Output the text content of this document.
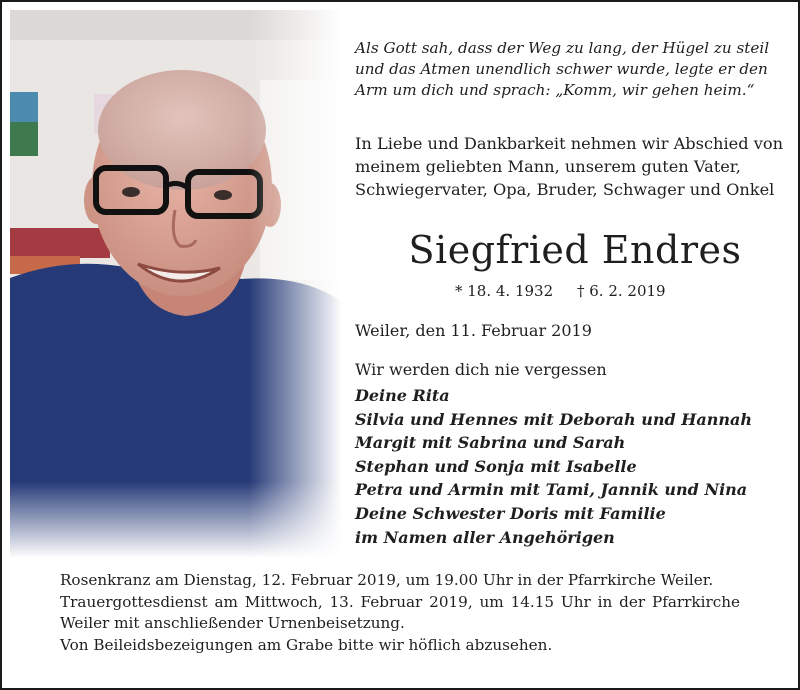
Als Gott sah, dass der Weg zu lang, der Hügel zu steil und das Atmen unendlich schwer wurde, legte er den Arm um dich und sprach: „Komm, wir gehen heim.“

In Liebe und Dankbarkeit nehmen wir Abschied von meinem geliebten Mann, unserem guten Vater, Schwiegervater, Opa, Bruder, Schwager und Onkel

Siegfried Endres
* 18. 4. 1932 † 6. 2. 2019
Weiler, den 11. Februar 2019
Wir werden dich nie vergessen
Deine Rita
Silvia und Hennes mit Deborah und Hannah
Margit mit Sabrina und Sarah
Stephan und Sonja mit Isabelle
Petra und Armin mit Tami, Jannik und Nina
Deine Schwester Doris mit Familie
im Namen aller Angehörigen

Rosenkranz am Dienstag, 12. Februar 2019, um 19.00 Uhr in der Pfarrkirche Weiler.

Trauergottesdienst am Mittwoch, 13. Februar 2019, um 14.15 Uhr in der Pfarrkirche Weiler mit anschließender Urnenbeisetzung.

Von Beileidsbezeigungen am Grabe bitte wir höflich abzusehen.
